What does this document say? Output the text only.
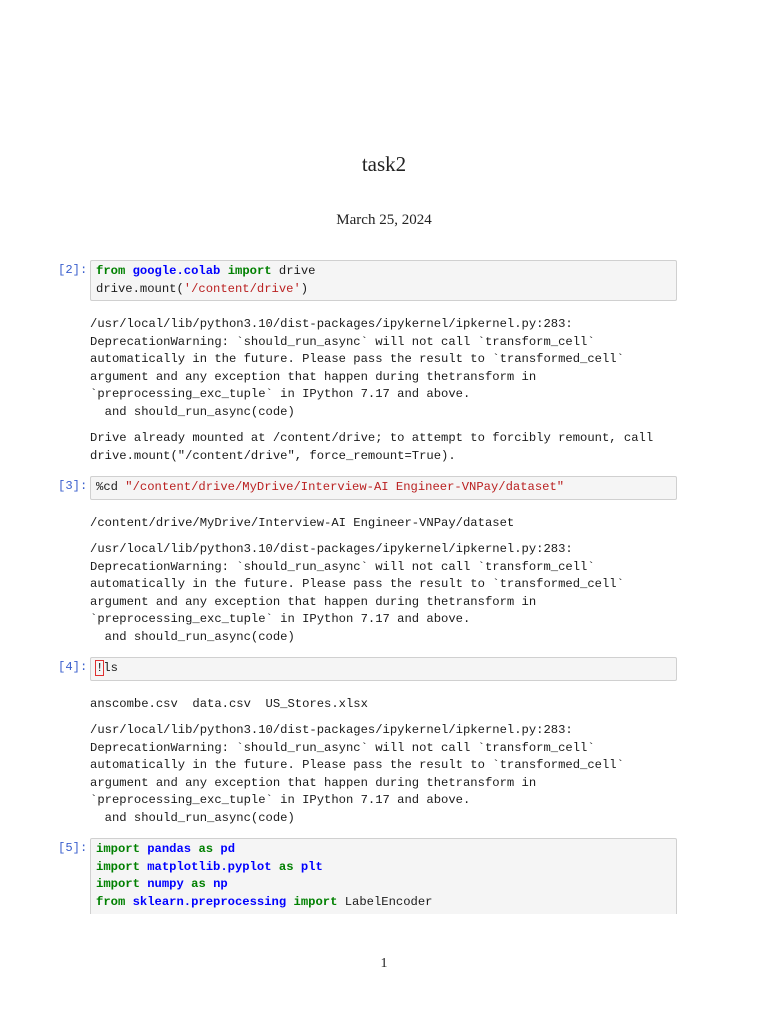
task2
March 25, 2024
[2]: from google.colab import drive
drive.mount('/content/drive')
/usr/local/lib/python3.10/dist-packages/ipykernel/ipkernel.py:283:
DeprecationWarning: `should_run_async` will not call `transform_cell`
automatically in the future. Please pass the result to `transformed_cell`
argument and any exception that happen during thetransform in
`preprocessing_exc_tuple` in IPython 7.17 and above.
and should_run_async(code)
Drive already mounted at /content/drive; to attempt to forcibly remount, call
drive.mount("/content/drive", force_remount=True).
[3]: %cd "/content/drive/MyDrive/Interview-AI Engineer-VNPay/dataset"
/content/drive/MyDrive/Interview-AI Engineer-VNPay/dataset
/usr/local/lib/python3.10/dist-packages/ipykernel/ipkernel.py:283:
DeprecationWarning: `should_run_async` will not call `transform_cell`
automatically in the future. Please pass the result to `transformed_cell`
argument and any exception that happen during thetransform in
`preprocessing_exc_tuple` in IPython 7.17 and above.
and should_run_async(code)
[4]: !ls
anscombe.csv  data.csv  US_Stores.xlsx
/usr/local/lib/python3.10/dist-packages/ipykernel/ipkernel.py:283:
DeprecationWarning: `should_run_async` will not call `transform_cell`
automatically in the future. Please pass the result to `transformed_cell`
argument and any exception that happen during thetransform in
`preprocessing_exc_tuple` in IPython 7.17 and above.
and should_run_async(code)
[5]: import pandas as pd
import matplotlib.pyplot as plt
import numpy as np
from sklearn.preprocessing import LabelEncoder
1
